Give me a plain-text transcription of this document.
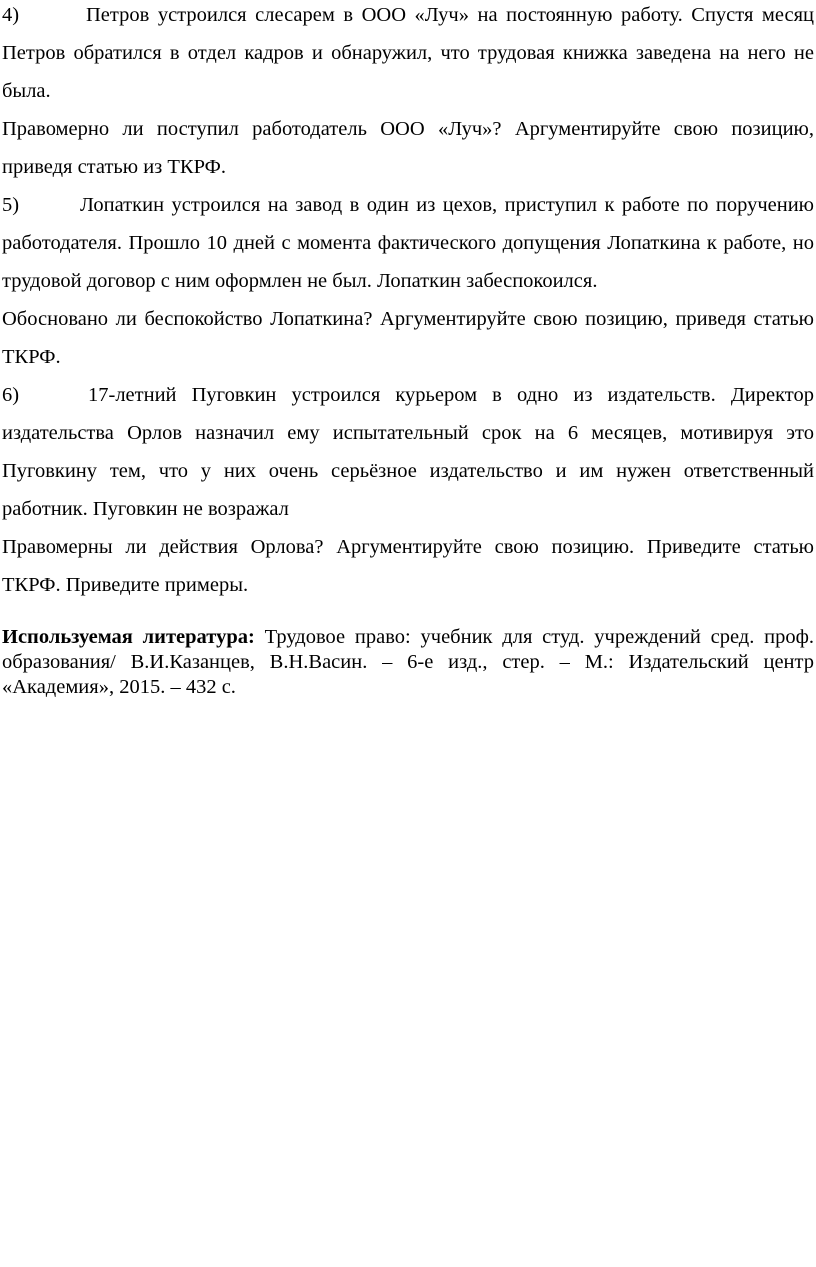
4)	Петров устроился слесарем в ООО «Луч» на постоянную работу. Спустя месяц Петров обратился в отдел кадров и обнаружил, что трудовая книжка заведена на него не была.

Правомерно ли поступил работодатель ООО «Луч»? Аргументируйте свою позицию, приведя статью из ТКРФ.

5)	Лопаткин устроился на завод в один из цехов, приступил к работе по поручению работодателя. Прошло 10 дней с момента фактического допущения Лопаткина к работе, но трудовой договор с ним оформлен не был. Лопаткин забеспокоился.

Обосновано ли беспокойство Лопаткина? Аргументируйте свою позицию, приведя статью ТКРФ.

6)	17-летний Пуговкин устроился курьером в одно из издательств. Директор издательства Орлов назначил ему испытательный срок на 6 месяцев, мотивируя это Пуговкину тем, что у них очень серьёзное издательство и им нужен ответственный работник. Пуговкин не возражал

Правомерны ли действия Орлова? Аргументируйте свою позицию. Приведите статью ТКРФ. Приведите примеры.

Используемая литература: Трудовое право: учебник для студ. учреждений сред. проф. образования/ В.И.Казанцев, В.Н.Васин. – 6-е изд., стер. – М.: Издательский центр «Академия», 2015. – 432 с.
